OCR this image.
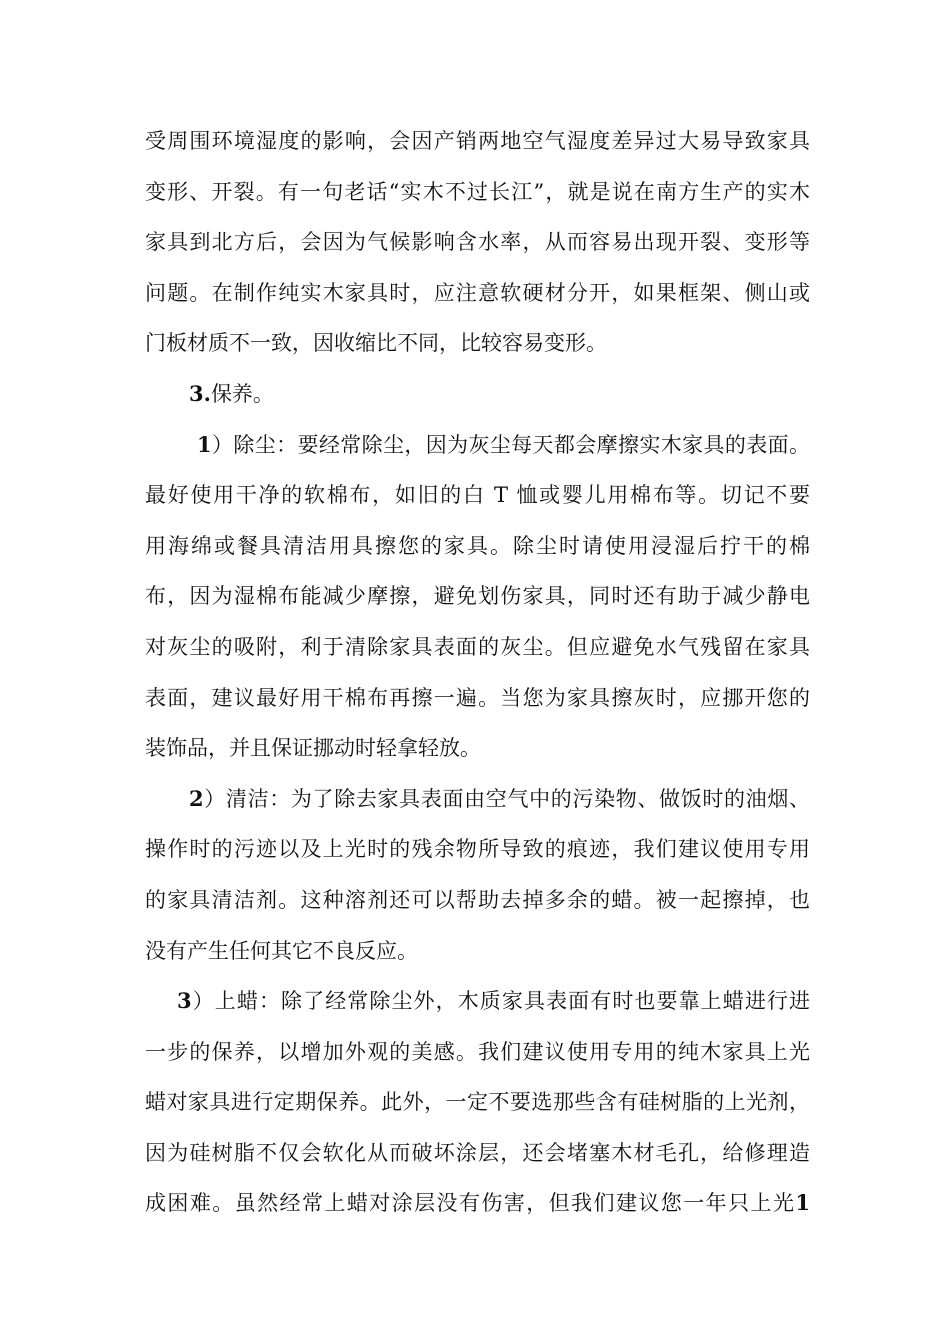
受周围环境湿度的影响，会因产销两地空气湿度差异过大易导致家具
变形、开裂。有一句老话“实木不过长江”，就是说在南方生产的实木
家具到北方后，会因为气候影响含水率，从而容易出现开裂、变形等
问题。在制作纯实木家具时，应注意软硬材分开，如果框架、侧山或
门板材质不一致，因收缩比不同，比较容易变形。
3.保养。
1）除尘：要经常除尘，因为灰尘每天都会摩擦实木家具的表面。
最好使用干净的软棉布，如旧的白 T 恤或婴儿用棉布等。切记不要
用海绵或餐具清洁用具擦您的家具。除尘时请使用浸湿后拧干的棉
布，因为湿棉布能减少摩擦，避免划伤家具，同时还有助于减少静电
对灰尘的吸附，利于清除家具表面的灰尘。但应避免水气残留在家具
表面，建议最好用干棉布再擦一遍。当您为家具擦灰时，应挪开您的
装饰品，并且保证挪动时轻拿轻放。
2）清洁：为了除去家具表面由空气中的污染物、做饭时的油烟、
操作时的污迹以及上光时的残余物所导致的痕迹，我们建议使用专用
的家具清洁剂。这种溶剂还可以帮助去掉多余的蜡。被一起擦掉，也
没有产生任何其它不良反应。
3）上蜡：除了经常除尘外，木质家具表面有时也要靠上蜡进行进
一步的保养，以增加外观的美感。我们建议使用专用的纯木家具上光
蜡对家具进行定期保养。此外，一定不要选那些含有硅树脂的上光剂，
因为硅树脂不仅会软化从而破坏涂层，还会堵塞木材毛孔，给修理造
成困难。虽然经常上蜡对涂层没有伤害，但我们建议您一年只上光1
